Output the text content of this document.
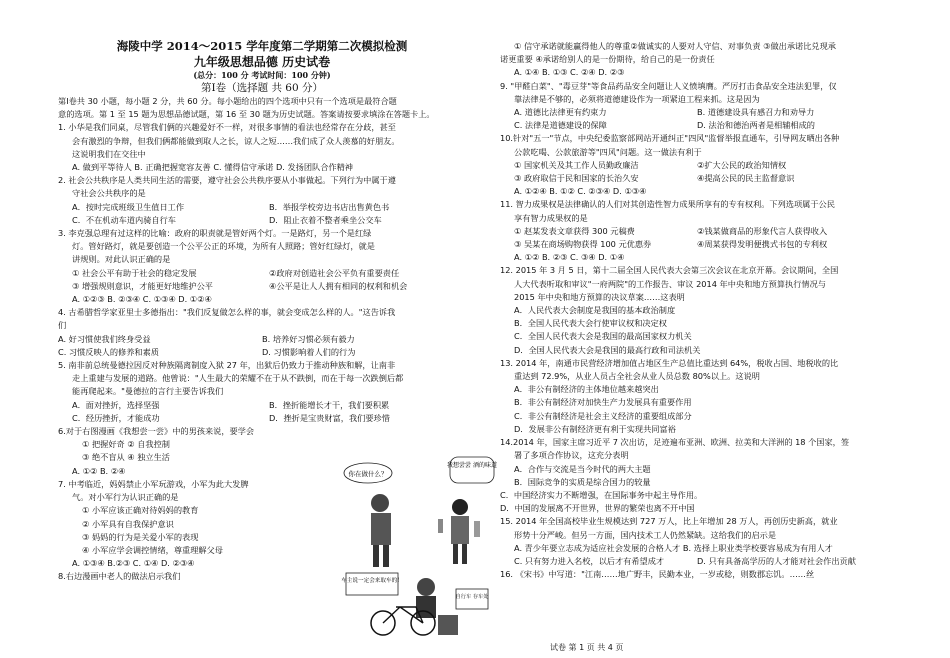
海陵中学 2014～2015 学年度第二学期第二次模拟检测
九年级思想品德 历史试卷
(总分：100 分 考试时间：100 分钟)
第Ⅰ卷（选择题 共 60 分）

第Ⅰ卷共 30 小题，每小题 2 分，共 60 分。每小题给出的四个选项中只有一个选项是最符合题

意的选项。第 1 至 15 题为思想品德试题，第 16 至 30 题为历史试题。答案请按要求填涂在答题卡上。

1. 小华是我们同桌，尽管我们俩的兴趣爱好不一样，对很多事情的看法也经常存在分歧，甚至

会有激烈的争辩，但我们俩都能做到取人之长，谅人之短……我们成了众人羡慕的好朋友。

这说明我们在交往中

A. 做到平等待人 B. 正确把握宽容友善 C. 懂得信守承诺 D. 发扬团队合作精神

2. 社会公共秩序是人类共同生活的需要，遵守社会公共秩序要从小事做起。下列行为中属于遵

守社会公共秩序的是

A．按时完成班级卫生值日工作	B．举报学校旁边书店出售黄色书
C．不在机动车道内骑自行车	D．阻止衣着不整者乘坐公交车

3. 李克强总理有过这样的比喻：政府的职责就是管好两个灯。一是路灯，另一个是红绿

灯。管好路灯，就是要创造一个公平公正的环境，为所有人照路；管好红绿灯，就是

讲规则。对此认识正确的是

① 社会公平有助于社会的稳定发展	②政府对创造社会公平负有重要责任
③ 增强规则意识，才能更好地维护公平	④公平是让人人拥有相同的权利和机会

A. ①②③ B. ②③④ C. ①③④ D. ①②④

4. 古希腊哲学家亚里士多德指出："我们反复做怎么样的事，就会变成怎么样的人。"这告诉我

们

A. 好习惯使我们终身受益	B. 培养好习惯必须有毅力
C. 习惯反映人的修养和素质	D. 习惯影响着人们的行为

5. 南非前总统曼德拉因反对种族隔离制度入狱 27 年，出狱后仍致力于推动种族和解，让南非

走上重建与发展的道路。他曾说："人生最大的荣耀不在于从不跌倒，而在于每一次跌倒后都

能再爬起来。"曼德拉的言行主要告诉我们

A．面对挫折，选择坚强	B．挫折能增长才干，我们要积累
C．经历挫折，才能成功	D．挫折是宝贵财富，我们要珍惜

6.对于右图漫画《我想尝一尝》中的男孩来说，要学会

① 把握好奇 ② 自我控制

③ 绝不盲从 ④ 独立生活

A. ①② B. ②④

7. 中考临近，妈妈禁止小军玩游戏，小军为此大发脾

气。对小军行为认识正确的是

① 小军应该正确对待妈妈的教育

② 小军具有自我保护意识

③ 妈妈的行为是关爱小军的表现

④ 小军应学会调控情绪，尊重理解父母

A. ①③④ B.②③ C. ①④ D. ②③④

8.右边漫画中老人的做法启示我们

你在做什么？
我想尝尝 酒的味道
车主说一定会来取车的！
自行车 存车处

① 信守承诺就能赢得他人的尊重②做诚实的人要对人守信、对事负责 ③做出承诺比兑现承

诺更重要 ④承诺给别人的是一份期待，给自己的是一份责任

A. ①④ B. ①③ C. ②④ D. ②③

9. "甲醛白菜"、"毒豆芽"等食品药品安全问题让人义愤填膺。严厉打击食品安全违法犯罪，仅

靠法律是不够的，必须将道德建设作为一项紧迫工程来抓。这是因为

A. 道德比法律更有约束力	B. 道德建设具有感召力和劝导力
C. 法律是道德建设的保障	D. 法治和德治两者是相辅相成的

10.针对"五一"节点，中央纪委监察部网站开通纠正"四风"监督举报直通车，引导网友晒出各种

公款吃喝、公款旅游等"四风"问题。这一做法有利于

① 国家机关及其工作人员勤政廉洁	②扩大公民的政治知情权
③ 政府取信于民和国家的长治久安	④提高公民的民主监督意识

A. ①②④ B. ①② C. ②③④ D. ①③④

11. 智力成果权是法律确认的人们对其创造性智力成果所享有的专有权利。下列选项属于公民

享有智力成果权的是

① 赵某发表文章获得 300 元稿费	②钱某做商品的形象代言人获得收入
③ 吴某在商场购物获得 100 元优惠券	④周某获得发明便携式书包的专利权

A. ①② B. ②③ C. ③④ D. ①④

12. 2015 年 3 月 5 日，第十二届全国人民代表大会第三次会议在北京开幕。会议期间，全国

人大代表听取和审议"一府两院"的工作报告、审议 2014 年中央和地方预算执行情况与

2015 年中央和地方预算的决议草案……这表明

A．人民代表大会制度是我国的基本政治制度

B．全国人民代表大会行使审议权和决定权

C．全国人民代表大会是我国的最高国家权力机关

D．全国人民代表大会是我国的最高行政和司法机关

13. 2014 年，南通市民营经济增加值占地区生产总值比重达到 64%，税收占国、地税收的比

重达到 72.9%，从业人员占全社会从业人员总数 80%以上。这说明

A．非公有制经济的主体地位越来越突出

B．非公有制经济对加快生产力发展具有重要作用

C．非公有制经济是社会主义经济的重要组成部分

D．发展非公有制经济更有利于实现共同富裕

14.2014 年，国家主席习近平 7 次出访，足迹遍布亚洲、欧洲、拉美和大洋洲的 18 个国家，签

署了多项合作协议，这充分表明

A．合作与交流是当今时代的两大主题

B．国际竞争的实质是综合国力的较量

C．中国经济实力不断增强，在国际事务中起主导作用。

D．中国的发展离不开世界，世界的繁荣也离不开中国

15. 2014 年全国高校毕业生规模达到 727 万人，比上年增加 28 万人，再创历史新高，就业

形势十分严峻。但另一方面，国内技术工人仍然紧缺。这给我们的启示是

A. 青少年要立志成为适应社会发展的合格人才 B. 选择上职业类学校要容易成为有用人才

C. 只有努力进入名校，以后才有希望成才	D. 只有具备高学历的人才能对社会作出贡献

16. 《宋书》中写道："江南……地广野丰，民勤本业，一岁或稔，则数郡忘饥。……丝

试卷 第 1 页 共 4 页
